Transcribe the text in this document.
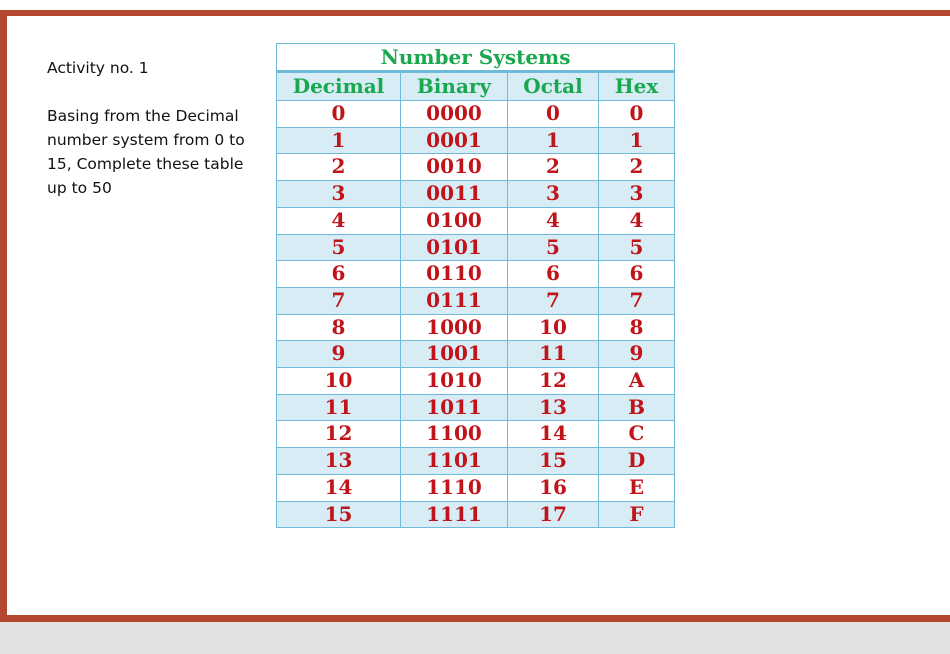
Activity no. 1

Basing from the Decimal number system from 0 to 15, Complete these table up to 50

Number Systems			
Decimal	Binary	Octal	Hex
0	0000	0	0
1	0001	1	1
2	0010	2	2
3	0011	3	3
4	0100	4	4
5	0101	5	5
6	0110	6	6
7	0111	7	7
8	1000	10	8
9	1001	11	9
10	1010	12	A
11	1011	13	B
12	1100	14	C
13	1101	15	D
14	1110	16	E
15	1111	17	F
